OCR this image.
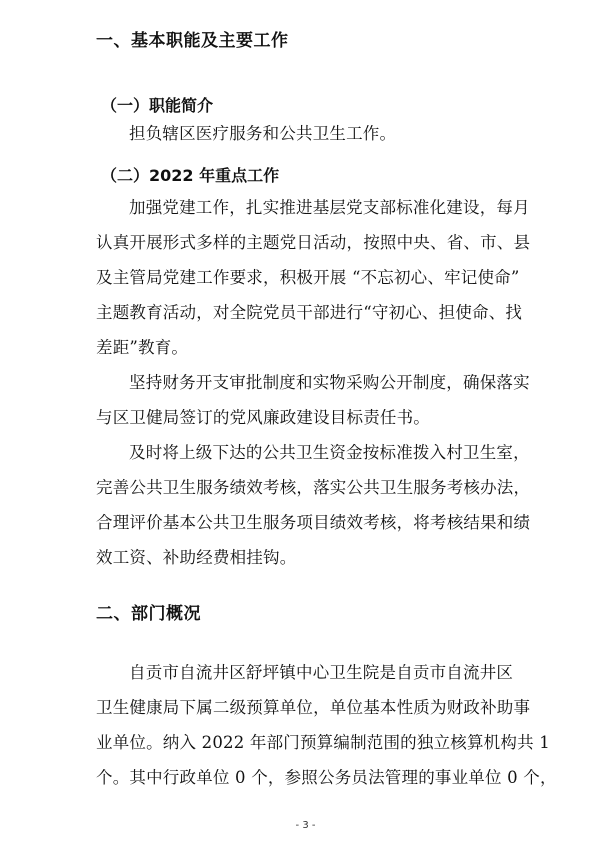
一、基本职能及主要工作
（一）职能简介
担负辖区医疗服务和公共卫生工作。
（二）2022 年重点工作
加强党建工作，扎实推进基层党支部标准化建设，每月
认真开展形式多样的主题党日活动，按照中央、省、市、县
及主管局党建工作要求，积极开展 “不忘初心、牢记使命”
主题教育活动，对全院党员干部进行“守初心、担使命、找
差距”教育。
坚持财务开支审批制度和实物采购公开制度，确保落实
与区卫健局签订的党风廉政建设目标责任书。
及时将上级下达的公共卫生资金按标准拨入村卫生室，
完善公共卫生服务绩效考核，落实公共卫生服务考核办法，
合理评价基本公共卫生服务项目绩效考核，将考核结果和绩
效工资、补助经费相挂钩。
二、部门概况
自贡市自流井区舒坪镇中心卫生院是自贡市自流井区
卫生健康局下属二级预算单位，单位基本性质为财政补助事
业单位。纳入 2022 年部门预算编制范围的独立核算机构共 1
个。其中行政单位 0 个，参照公务员法管理的事业单位 0 个，
- 3 -
